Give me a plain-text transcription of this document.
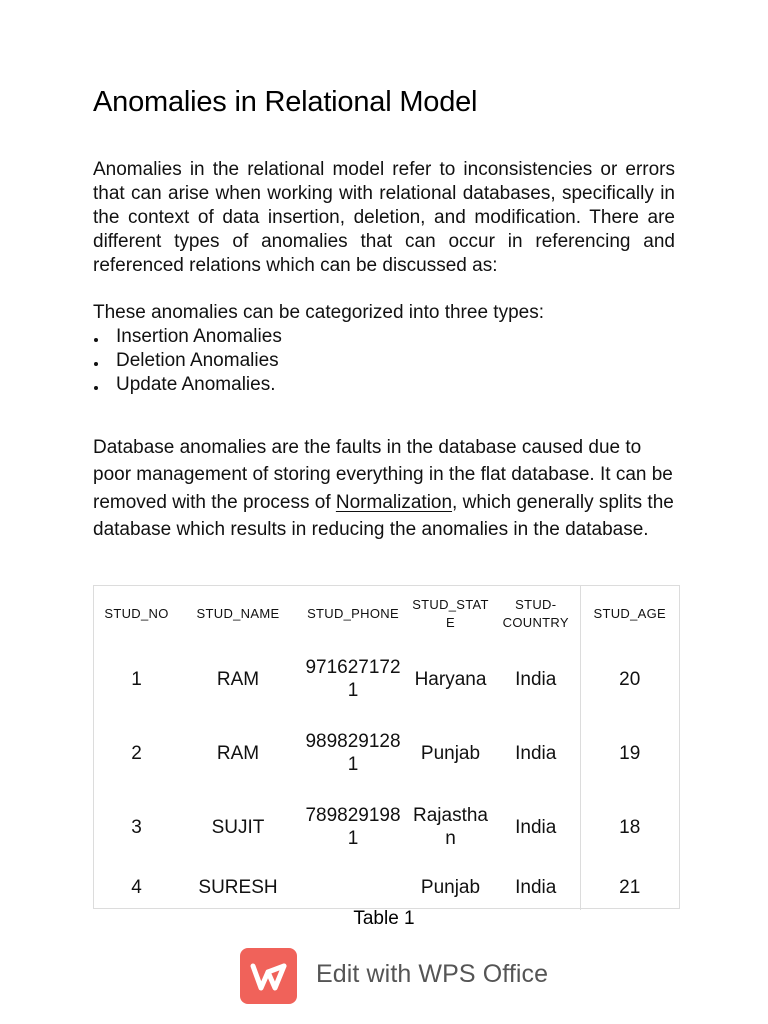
Anomalies in Relational Model

Anomalies in the relational model refer to inconsistencies or errors that can arise when working with relational databases, specifically in the context of data insertion, deletion, and modification. There are different types of anomalies that can occur in referencing and referenced relations which can be discussed as:

These anomalies can be categorized into three types:

Insertion Anomalies
Deletion Anomalies
Update Anomalies.

Database anomalies are the faults in the database caused due to poor management of storing everything in the flat database. It can be removed with the process of Normalization, which generally splits the database which results in reducing the anomalies in the database.

STUD_NO	STUD_NAME	STUD_PHONE	STUD_STATE	STUD-COUNTRY	STUD_AGE
1	RAM	9716271721	Haryana	India	20
2	RAM	9898291281	Punjab	India	19
3	SUJIT	7898291981	Rajasthan	India	18
4	SURESH		Punjab	India	21
Table 1
Edit with WPS Office
